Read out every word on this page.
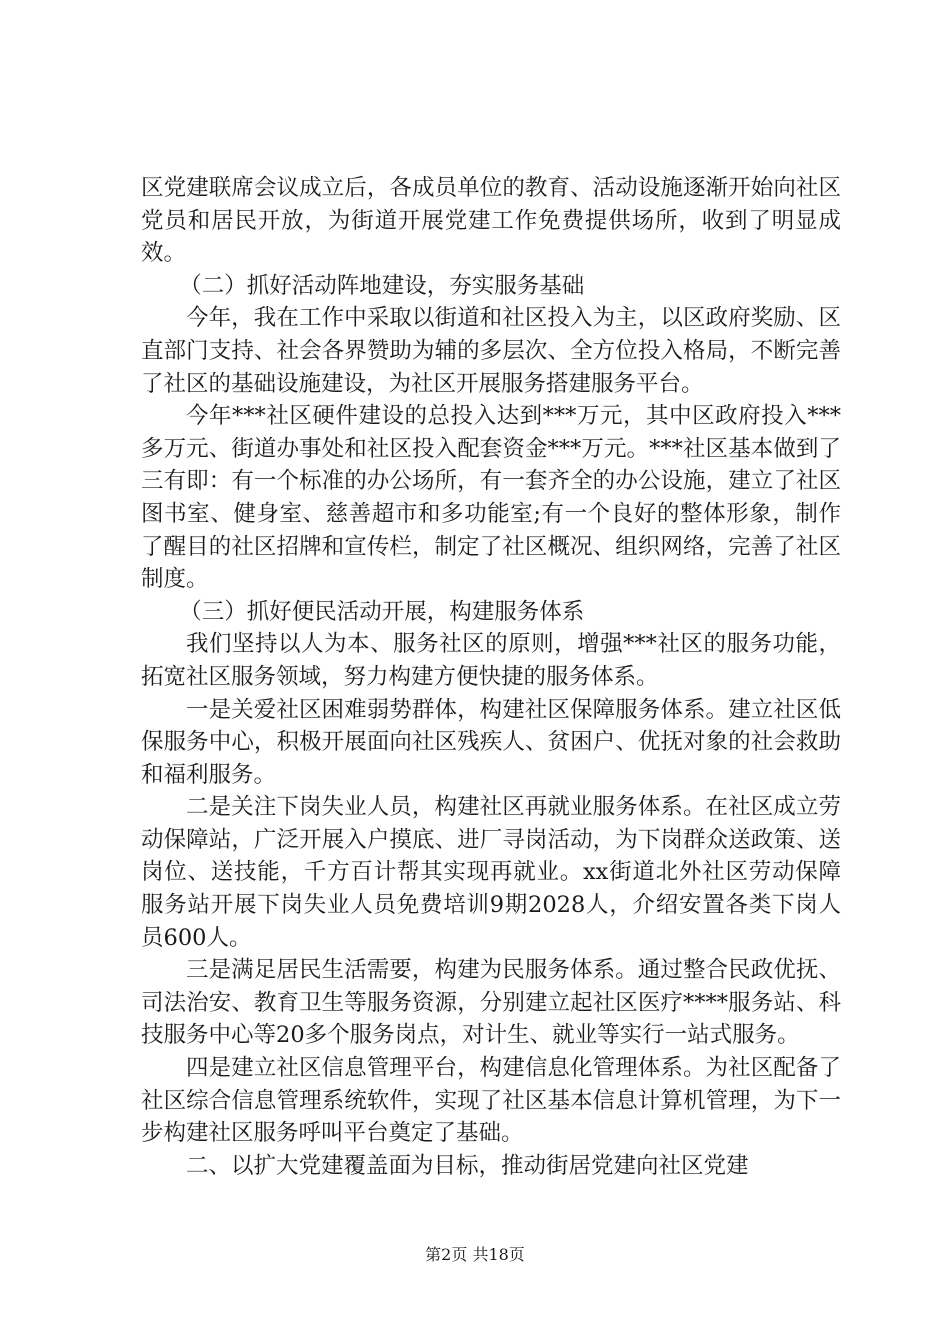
区党建联席会议成立后，各成员单位的教育、活动设施逐渐开始向社区党员和居民开放，为街道开展党建工作免费提供场所，收到了明显成效。

（二）抓好活动阵地建设，夯实服务基础

今年，我在工作中采取以街道和社区投入为主，以区政府奖励、区直部门支持、社会各界赞助为辅的多层次、全方位投入格局，不断完善了社区的基础设施建设，为社区开展服务搭建服务平台。

今年***社区硬件建设的总投入达到***万元，其中区政府投入***多万元、街道办事处和社区投入配套资金***万元。***社区基本做到了三有即：有一个标准的办公场所，有一套齐全的办公设施，建立了社区图书室、健身室、慈善超市和多功能室;有一个良好的整体形象，制作了醒目的社区招牌和宣传栏，制定了社区概况、组织网络，完善了社区制度。

（三）抓好便民活动开展，构建服务体系

我们坚持以人为本、服务社区的原则，增强***社区的服务功能，拓宽社区服务领域，努力构建方便快捷的服务体系。

一是关爱社区困难弱势群体，构建社区保障服务体系。建立社区低保服务中心，积极开展面向社区残疾人、贫困户、优抚对象的社会救助和福利服务。

二是关注下岗失业人员，构建社区再就业服务体系。在社区成立劳动保障站，广泛开展入户摸底、进厂寻岗活动，为下岗群众送政策、送岗位、送技能，千方百计帮其实现再就业。xx街道北外社区劳动保障服务站开展下岗失业人员免费培训9期2028人，介绍安置各类下岗人员600人。

三是满足居民生活需要，构建为民服务体系。通过整合民政优抚、司法治安、教育卫生等服务资源，分别建立起社区医疗****服务站、科技服务中心等20多个服务岗点，对计生、就业等实行一站式服务。

四是建立社区信息管理平台，构建信息化管理体系。为社区配备了社区综合信息管理系统软件，实现了社区基本信息计算机管理，为下一步构建社区服务呼叫平台奠定了基础。

二、以扩大党建覆盖面为目标，推动街居党建向社区党建

第2页 共18页
